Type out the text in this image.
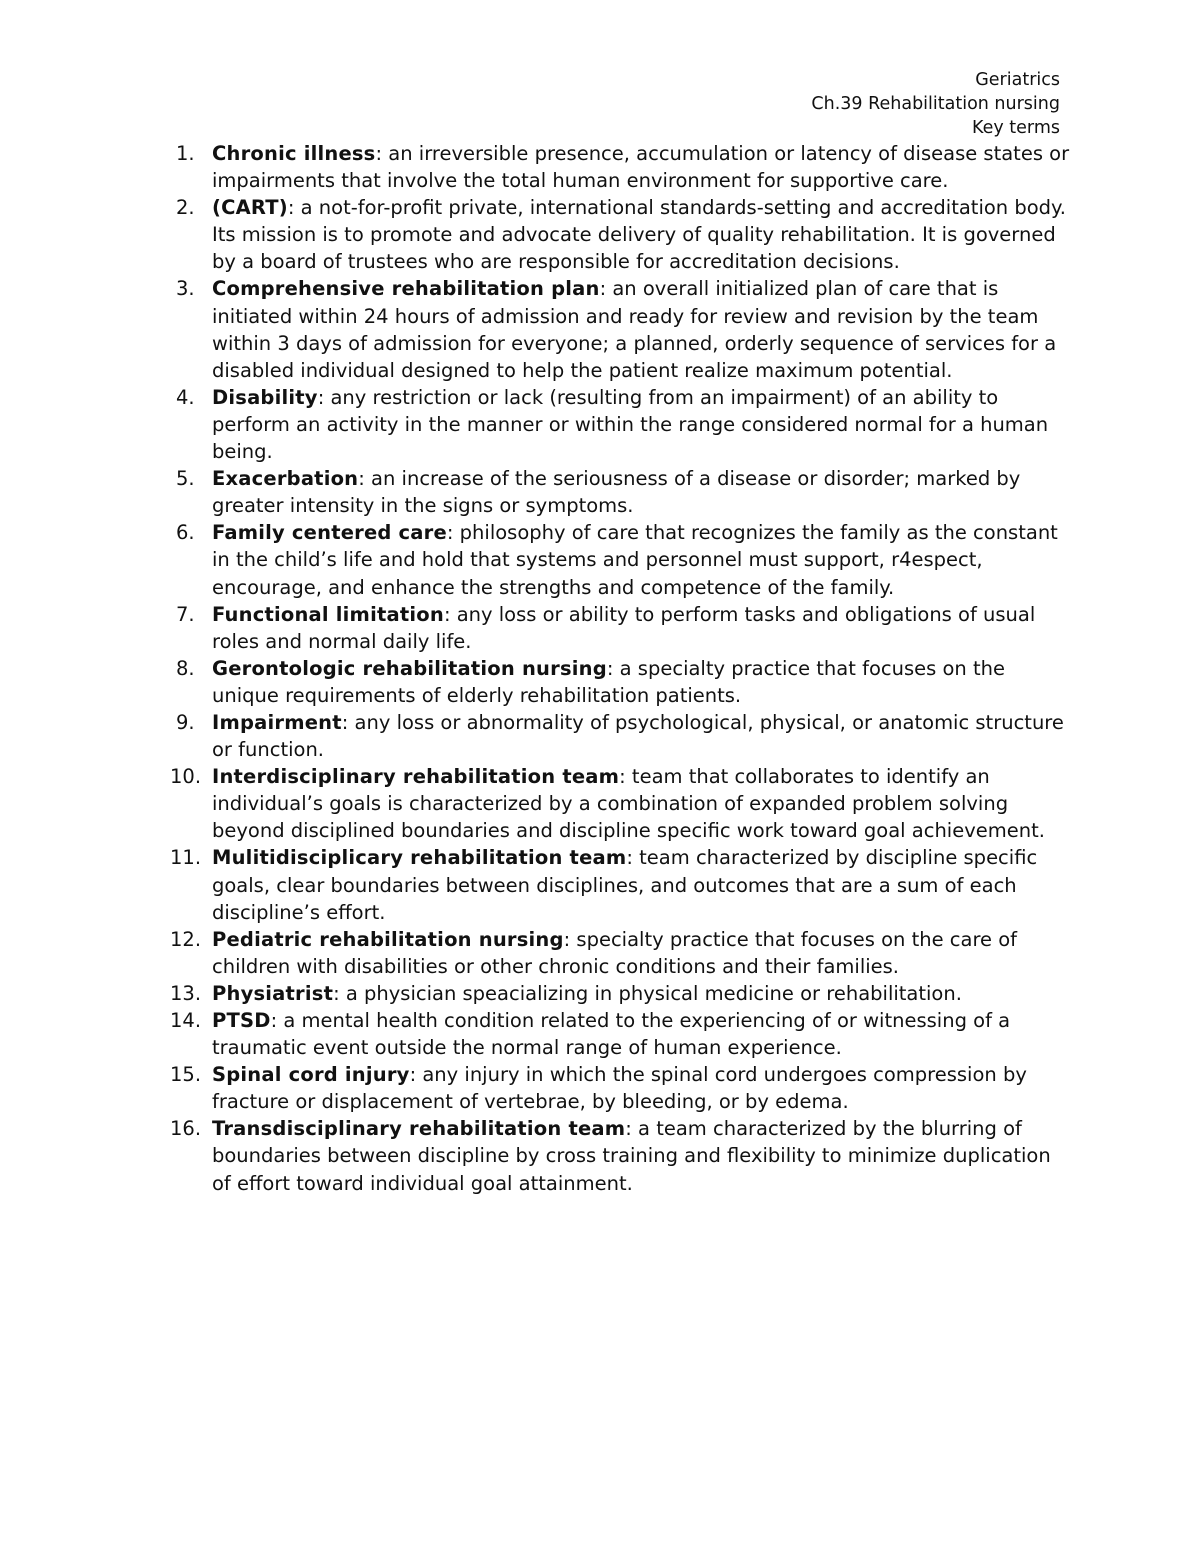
Geriatrics
Ch.39 Rehabilitation nursing
Key terms
1. Chronic illness: an irreversible presence, accumulation or latency of disease states or impairments that involve the total human environment for supportive care.
2. (CART): a not-for-profit private, international standards-setting and accreditation body. Its mission is to promote and advocate delivery of quality rehabilitation. It is governed by a board of trustees who are responsible for accreditation decisions.
3. Comprehensive rehabilitation plan: an overall initialized plan of care that is initiated within 24 hours of admission and ready for review and revision by the team within 3 days of admission for everyone; a planned, orderly sequence of services for a disabled individual designed to help the patient realize maximum potential.
4. Disability: any restriction or lack (resulting from an impairment) of an ability to perform an activity in the manner or within the range considered normal for a human being.
5. Exacerbation: an increase of the seriousness of a disease or disorder; marked by greater intensity in the signs or symptoms.
6. Family centered care: philosophy of care that recognizes the family as the constant in the child’s life and hold that systems and personnel must support, r4espect, encourage, and enhance the strengths and competence of the family.
7. Functional limitation: any loss or ability to perform tasks and obligations of usual roles and normal daily life.
8. Gerontologic rehabilitation nursing: a specialty practice that focuses on the unique requirements of elderly rehabilitation patients.
9. Impairment: any loss or abnormality of psychological, physical, or anatomic structure or function.
10. Interdisciplinary rehabilitation team: team that collaborates to identify an individual’s goals is characterized by a combination of expanded problem solving beyond disciplined boundaries and discipline specific work toward goal achievement.
11. Mulitidisciplicary rehabilitation team: team characterized by discipline specific goals, clear boundaries between disciplines, and outcomes that are a sum of each discipline’s effort.
12. Pediatric rehabilitation nursing: specialty practice that focuses on the care of children with disabilities or other chronic conditions and their families.
13. Physiatrist: a physician speacializing in physical medicine or rehabilitation.
14. PTSD: a mental health condition related to the experiencing of or witnessing of a traumatic event outside the normal range of human experience.
15. Spinal cord injury: any injury in which the spinal cord undergoes compression by fracture or displacement of vertebrae, by bleeding, or by edema.
16. Transdisciplinary rehabilitation team: a team characterized by the blurring of boundaries between discipline by cross training and flexibility to minimize duplication of effort toward individual goal attainment.
